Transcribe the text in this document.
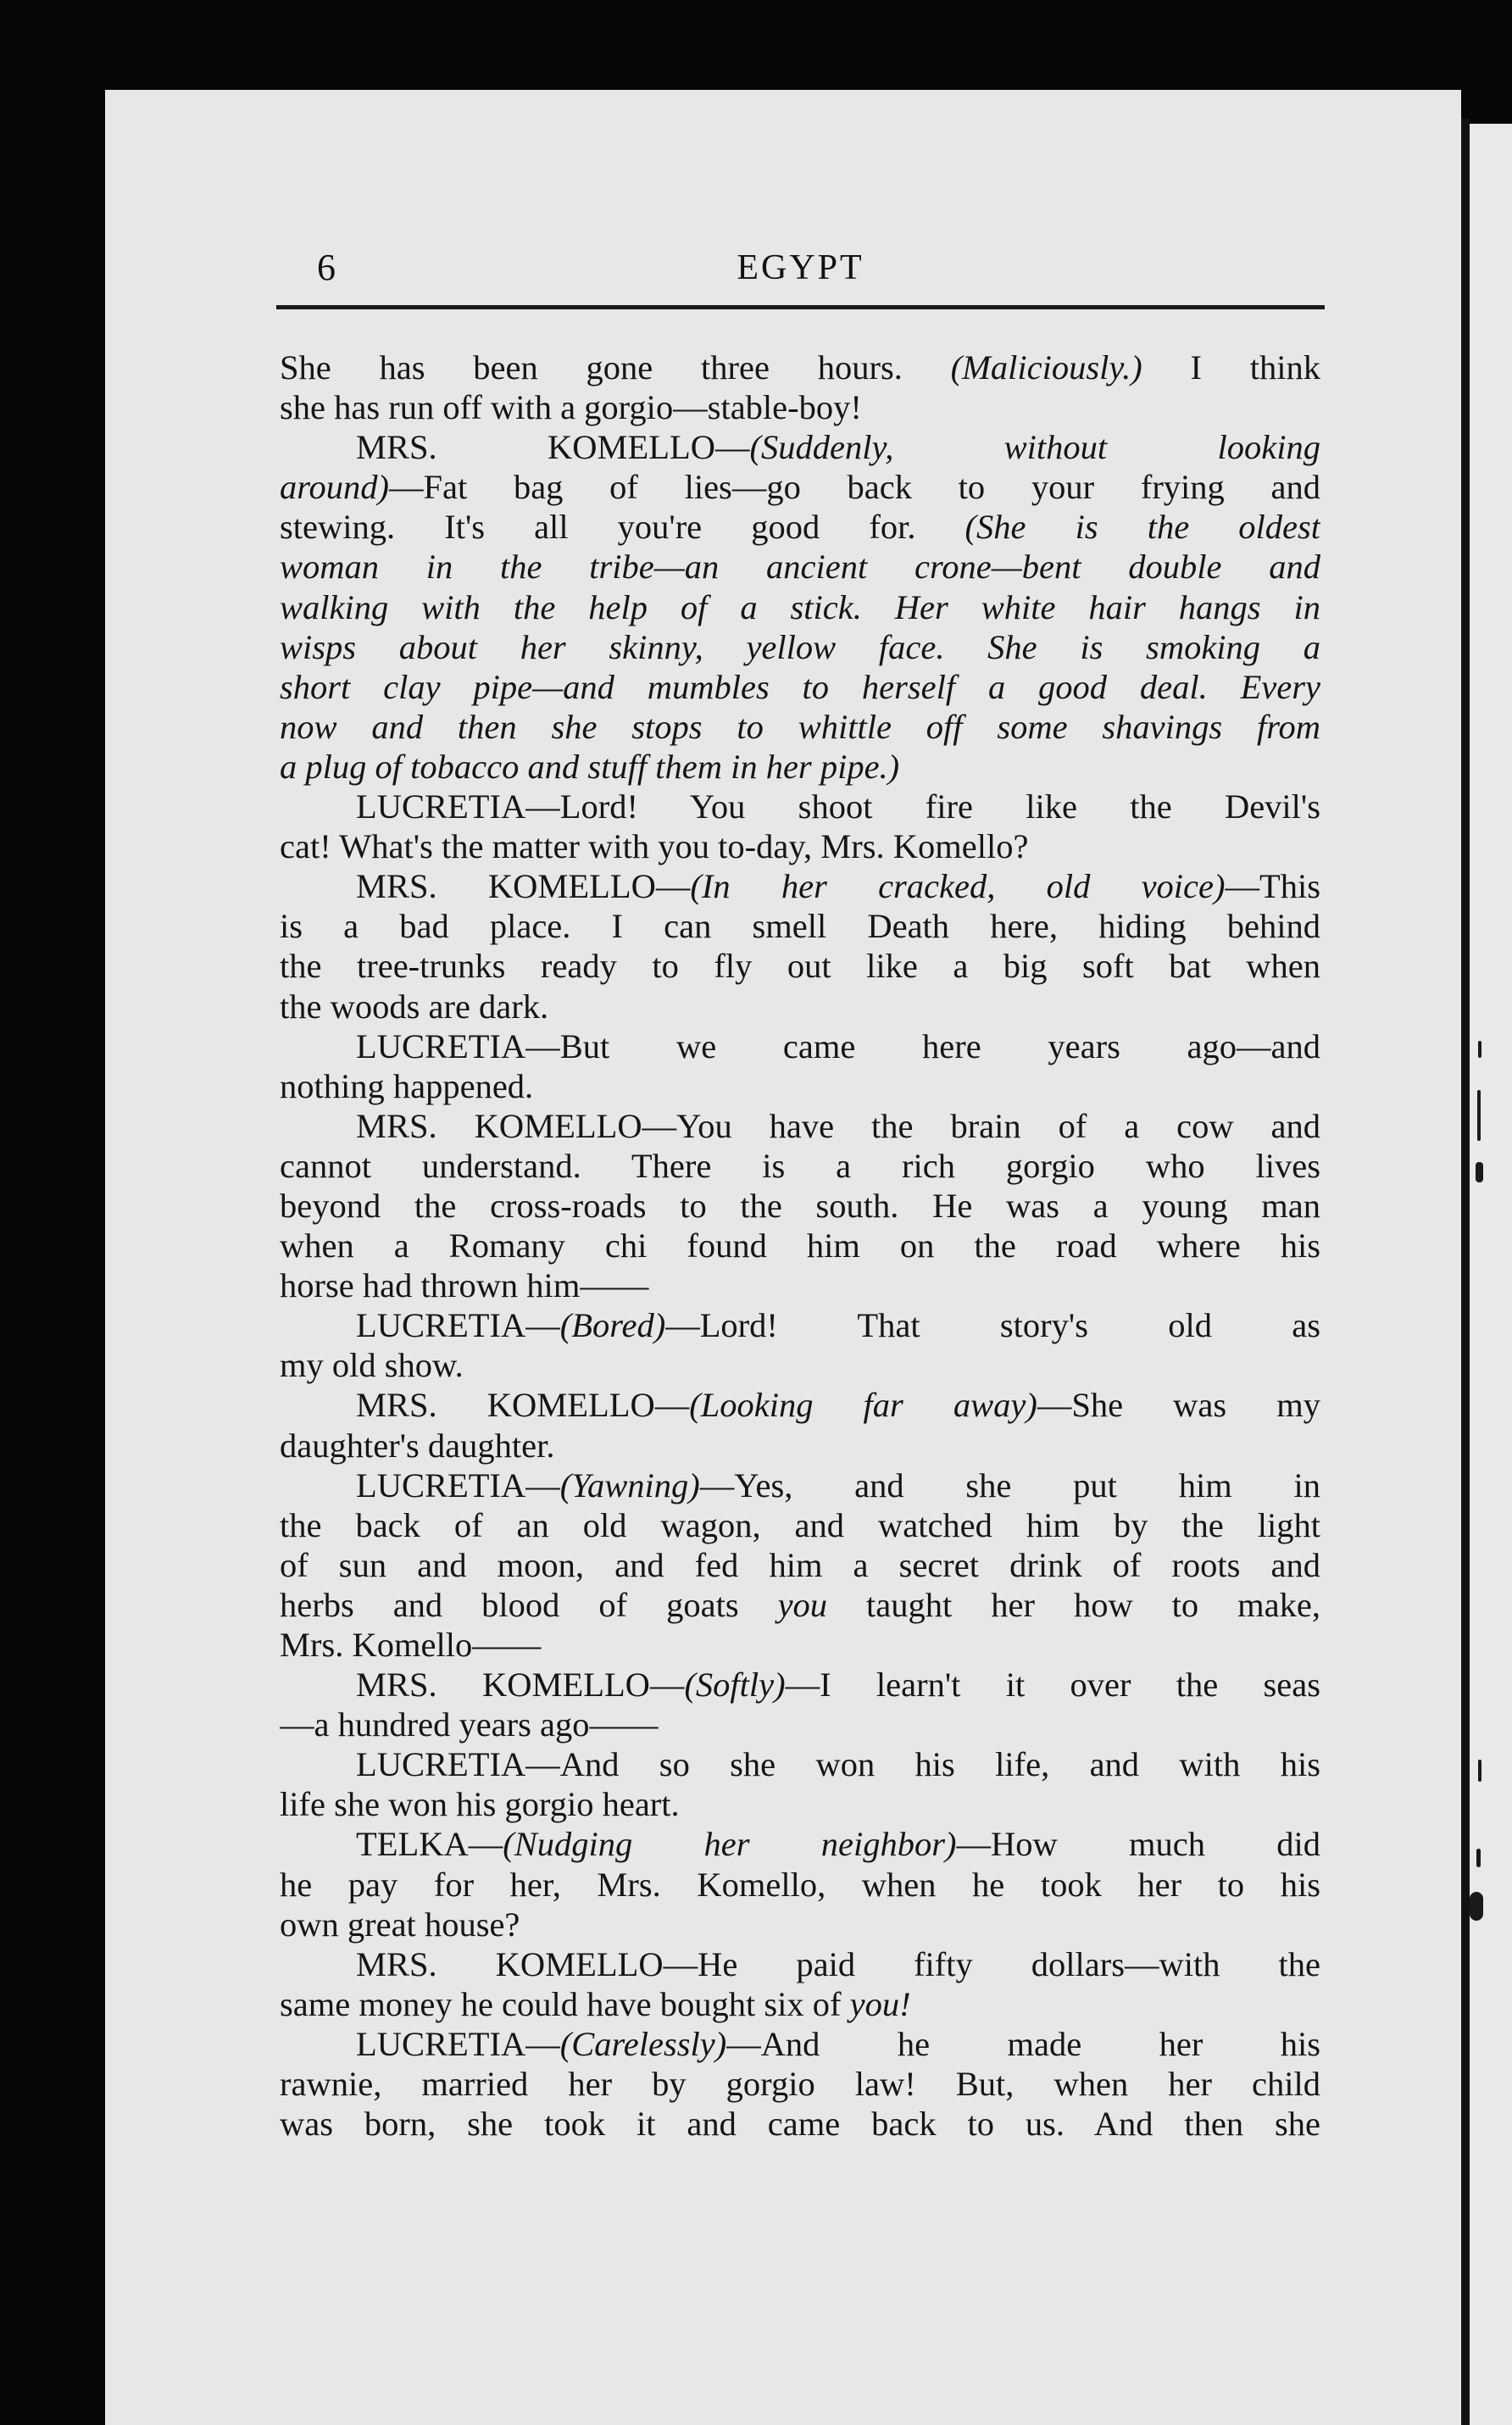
6	EGYPT
She has been gone three hours. (Maliciously.) I think
she has run off with a gorgio—stable-boy!
MRS. KOMELLO—(Suddenly, without looking
around)—Fat bag of lies—go back to your frying and
stewing. It's all you're good for. (She is the oldest
woman in the tribe—an ancient crone—bent double and
walking with the help of a stick. Her white hair hangs in
wisps about her skinny, yellow face. She is smoking a
short clay pipe—and mumbles to herself a good deal. Every
now and then she stops to whittle off some shavings from
a plug of tobacco and stuff them in her pipe.)
LUCRETIA—Lord! You shoot fire like the Devil's
cat! What's the matter with you to-day, Mrs. Komello?
MRS. KOMELLO—(In her cracked, old voice)—This
is a bad place. I can smell Death here, hiding behind
the tree-trunks ready to fly out like a big soft bat when
the woods are dark.
LUCRETIA—But we came here years ago—and
nothing happened.
MRS. KOMELLO—You have the brain of a cow and
cannot understand. There is a rich gorgio who lives
beyond the cross-roads to the south. He was a young man
when a Romany chi found him on the road where his
horse had thrown him——
LUCRETIA—(Bored)—Lord! That story's old as
my old show.
MRS. KOMELLO—(Looking far away)—She was my
daughter's daughter.
LUCRETIA—(Yawning)—Yes, and she put him in
the back of an old wagon, and watched him by the light
of sun and moon, and fed him a secret drink of roots and
herbs and blood of goats you taught her how to make,
Mrs. Komello——
MRS. KOMELLO—(Softly)—I learn't it over the seas
—a hundred years ago——
LUCRETIA—And so she won his life, and with his
life she won his gorgio heart.
TELKA—(Nudging her neighbor)—How much did
he pay for her, Mrs. Komello, when he took her to his
own great house?
MRS. KOMELLO—He paid fifty dollars—with the
same money he could have bought six of you!
LUCRETIA—(Carelessly)—And he made her his
rawnie, married her by gorgio law! But, when her child
was born, she took it and came back to us. And then she
